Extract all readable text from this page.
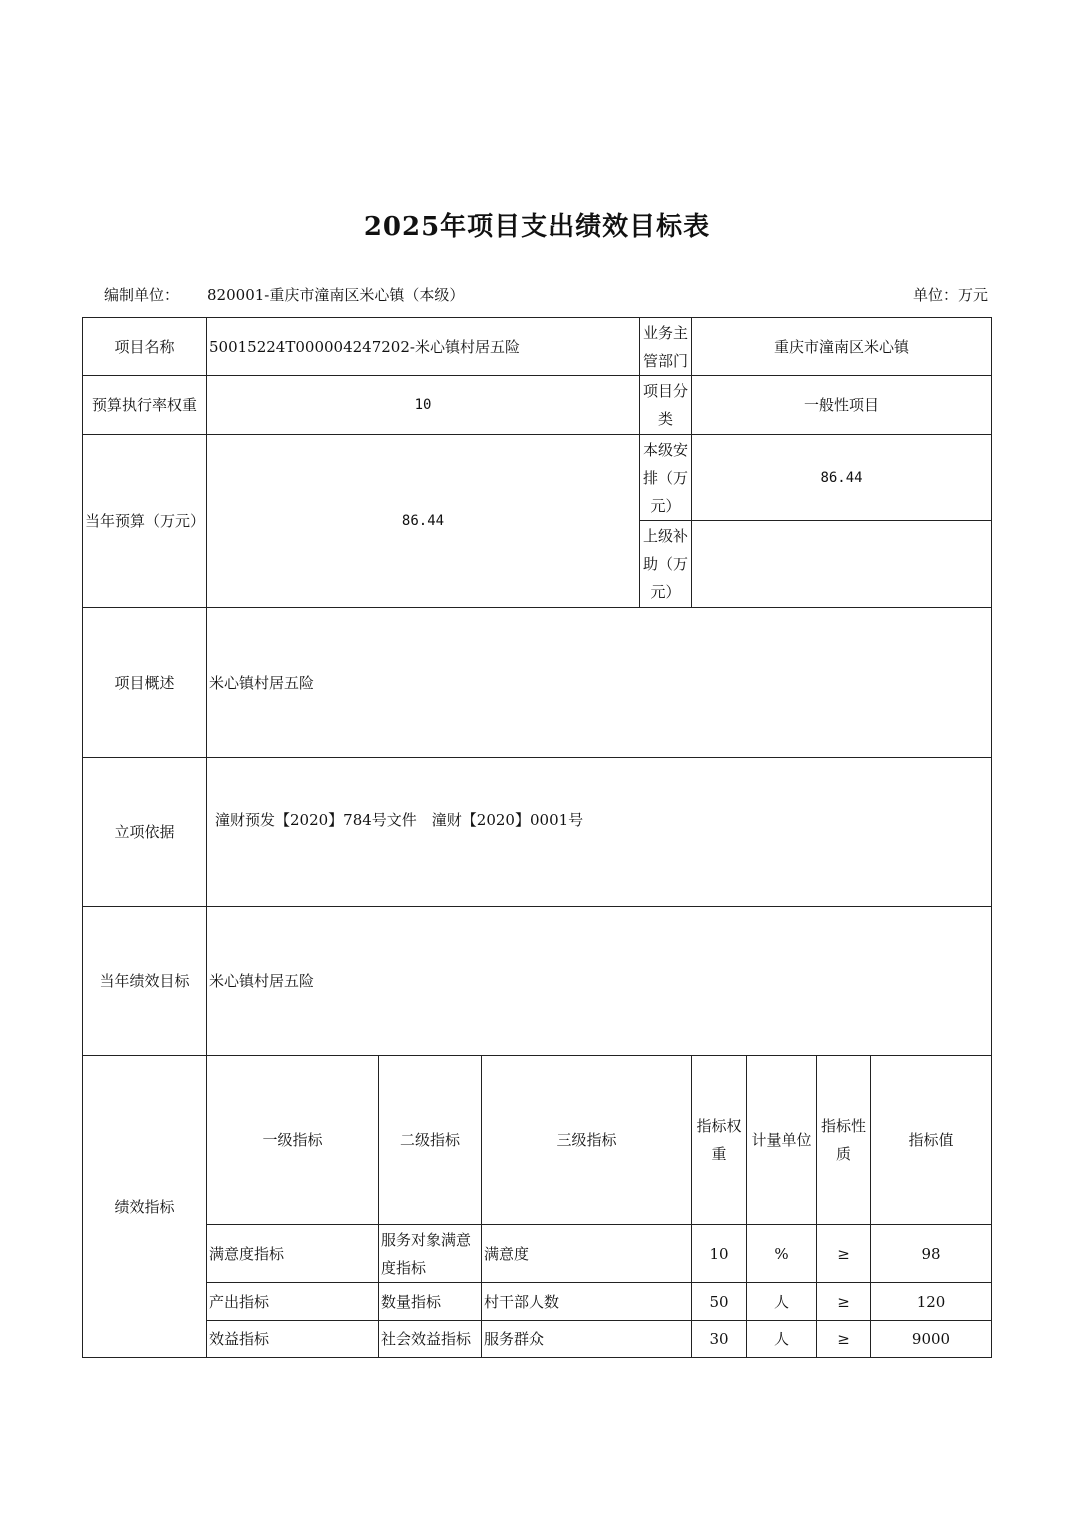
2025年项目支出绩效目标表
编制单位： 820001-重庆市潼南区米心镇（本级）	单位：万元
项目名称	50015224T000004247202-米心镇村居五险			业务主管部门	重庆市潼南区米心镇				
预算执行率权重	10			项目分类	一般性项目				
当年预算（万元）	86.44			本级安排（万元）	86.44				
				上级补助（万元）					
项目概述	米心镇村居五险								
立项依据	潼财预发【2020】784号文件　潼财【2020】0001号								
当年绩效目标	米心镇村居五险								
绩效指标	一级指标	二级指标	三级指标		指标权重	计量单位	指标性质	指标值	
	满意度指标	服务对象满意度指标	满意度		10	%	≥	98	
	产出指标	数量指标	村干部人数		50	人	≥	120	
	效益指标	社会效益指标	服务群众		30	人	≥	9000	
